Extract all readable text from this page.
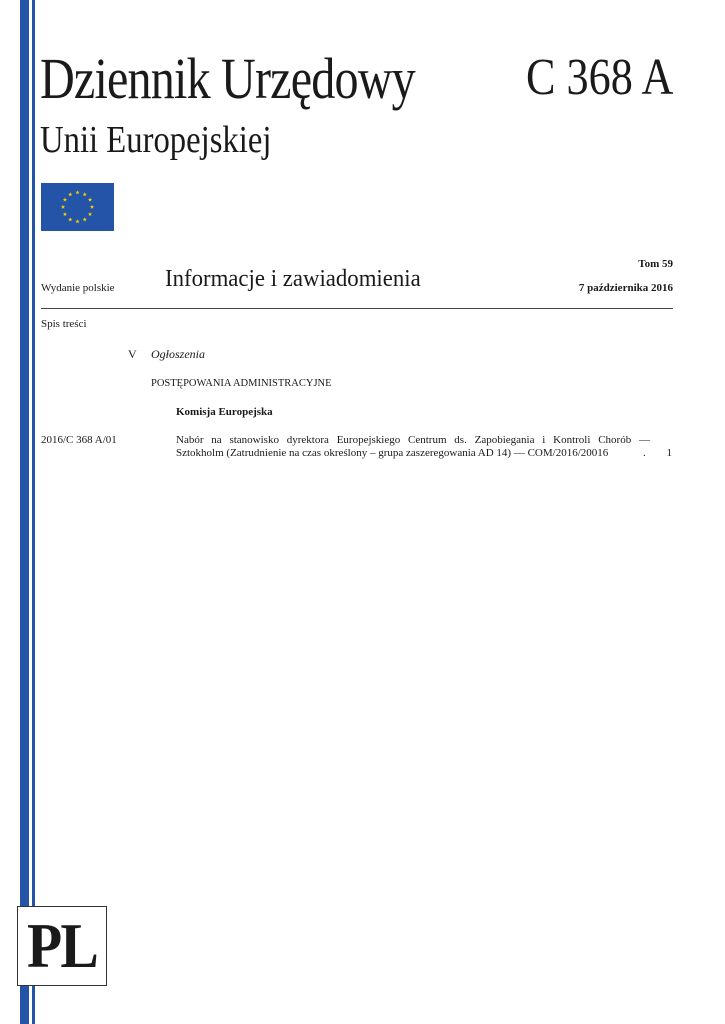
Dziennik Urzędowy
Unii Europejskiej
C 368 A
Wydanie polskie Informacje i zawiadomienia
Tom 59
7 października 2016
Spis treści
V Ogłoszenia
POSTĘPOWANIA ADMINISTRACYJNE
Komisja Europejska
2016/C 368 A/01	Nabór na stanowisko dyrektora Europejskiego Centrum ds. Zapobiegania i Kontroli Chorób —
Sztokholm (Zatrudnienie na czas określony – grupa zaszeregowania AD 14) — COM/2016/20016	. 1
PL
